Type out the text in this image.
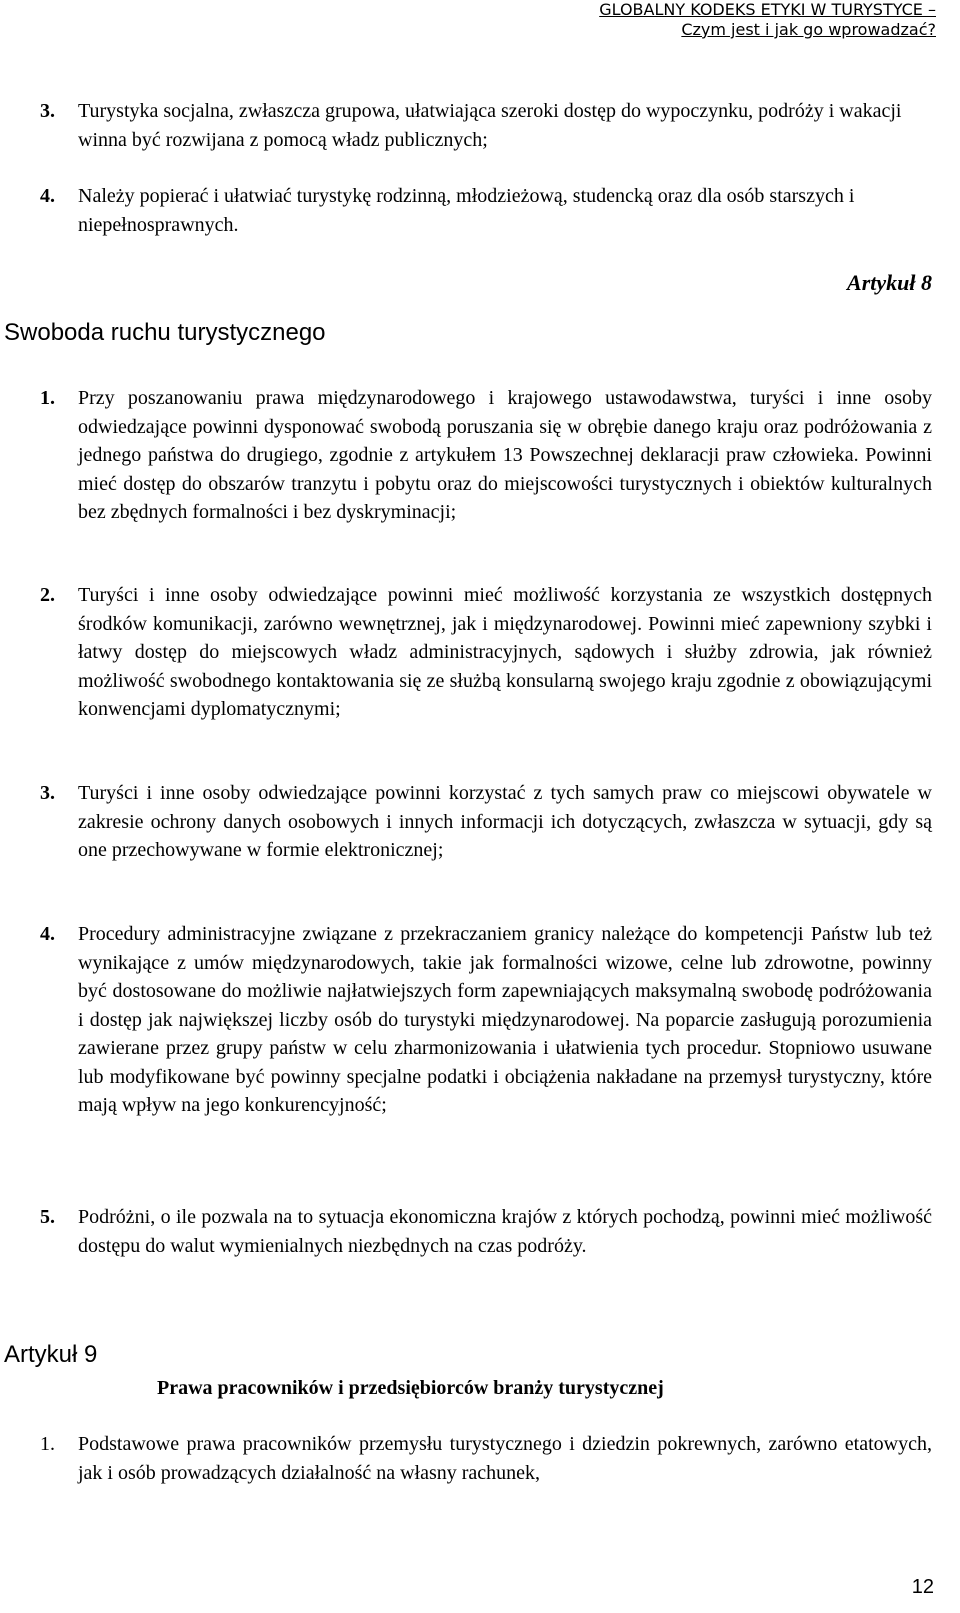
GLOBALNY KODEKS ETYKI W TURYSTYCE –
Czym jest i jak go wprowadzać?
3. Turystyka socjalna, zwłaszcza grupowa, ułatwiająca szeroki dostęp do wypoczynku, podróży i wakacji winna być rozwijana z pomocą władz publicznych;
4. Należy popierać i ułatwiać turystykę rodzinną, młodzieżową, studencką oraz dla osób starszych i niepełnosprawnych.
Artykuł 8
Swoboda ruchu turystycznego
1. Przy poszanowaniu prawa międzynarodowego i krajowego ustawodawstwa, turyści i inne osoby odwiedzające powinni dysponować swobodą poruszania się w obrębie danego kraju oraz podróżowania z jednego państwa do drugiego, zgodnie z artykułem 13 Powszechnej deklaracji praw człowieka. Powinni mieć dostęp do obszarów tranzytu i pobytu oraz do miejscowości turystycznych i obiektów kulturalnych bez zbędnych formalności i bez dyskryminacji;
2. Turyści i inne osoby odwiedzające powinni mieć możliwość korzystania ze wszystkich dostępnych środków komunikacji, zarówno wewnętrznej, jak i międzynarodowej. Powinni mieć zapewniony szybki i łatwy dostęp do miejscowych władz administracyjnych, sądowych i służby zdrowia, jak również możliwość swobodnego kontaktowania się ze służbą konsularną swojego kraju zgodnie z obowiązującymi konwencjami dyplomatycznymi;
3. Turyści i inne osoby odwiedzające powinni korzystać z tych samych praw co miejscowi obywatele w zakresie ochrony danych osobowych i innych informacji ich dotyczących, zwłaszcza w sytuacji, gdy są one przechowywane w formie elektronicznej;
4. Procedury administracyjne związane z przekraczaniem granicy należące do kompetencji Państw lub też wynikające z umów międzynarodowych, takie jak formalności wizowe, celne lub zdrowotne, powinny być dostosowane do możliwie najłatwiejszych form zapewniających maksymalną swobodę podróżowania i dostęp jak największej liczby osób do turystyki międzynarodowej. Na poparcie zasługują porozumienia zawierane przez grupy państw w celu zharmonizowania i ułatwienia tych procedur. Stopniowo usuwane lub modyfikowane być powinny specjalne podatki i obciążenia nakładane na przemysł turystyczny, które mają wpływ na jego konkurencyjność;
5. Podróżni, o ile pozwala na to sytuacja ekonomiczna krajów z których pochodzą, powinni mieć możliwość dostępu do walut wymienialnych niezbędnych na czas podróży.
Artykuł 9
Prawa pracowników i przedsiębiorców branży turystycznej
1. Podstawowe prawa pracowników przemysłu turystycznego i dziedzin pokrewnych, zarówno etatowych, jak i osób prowadzących działalność na własny rachunek,
12
